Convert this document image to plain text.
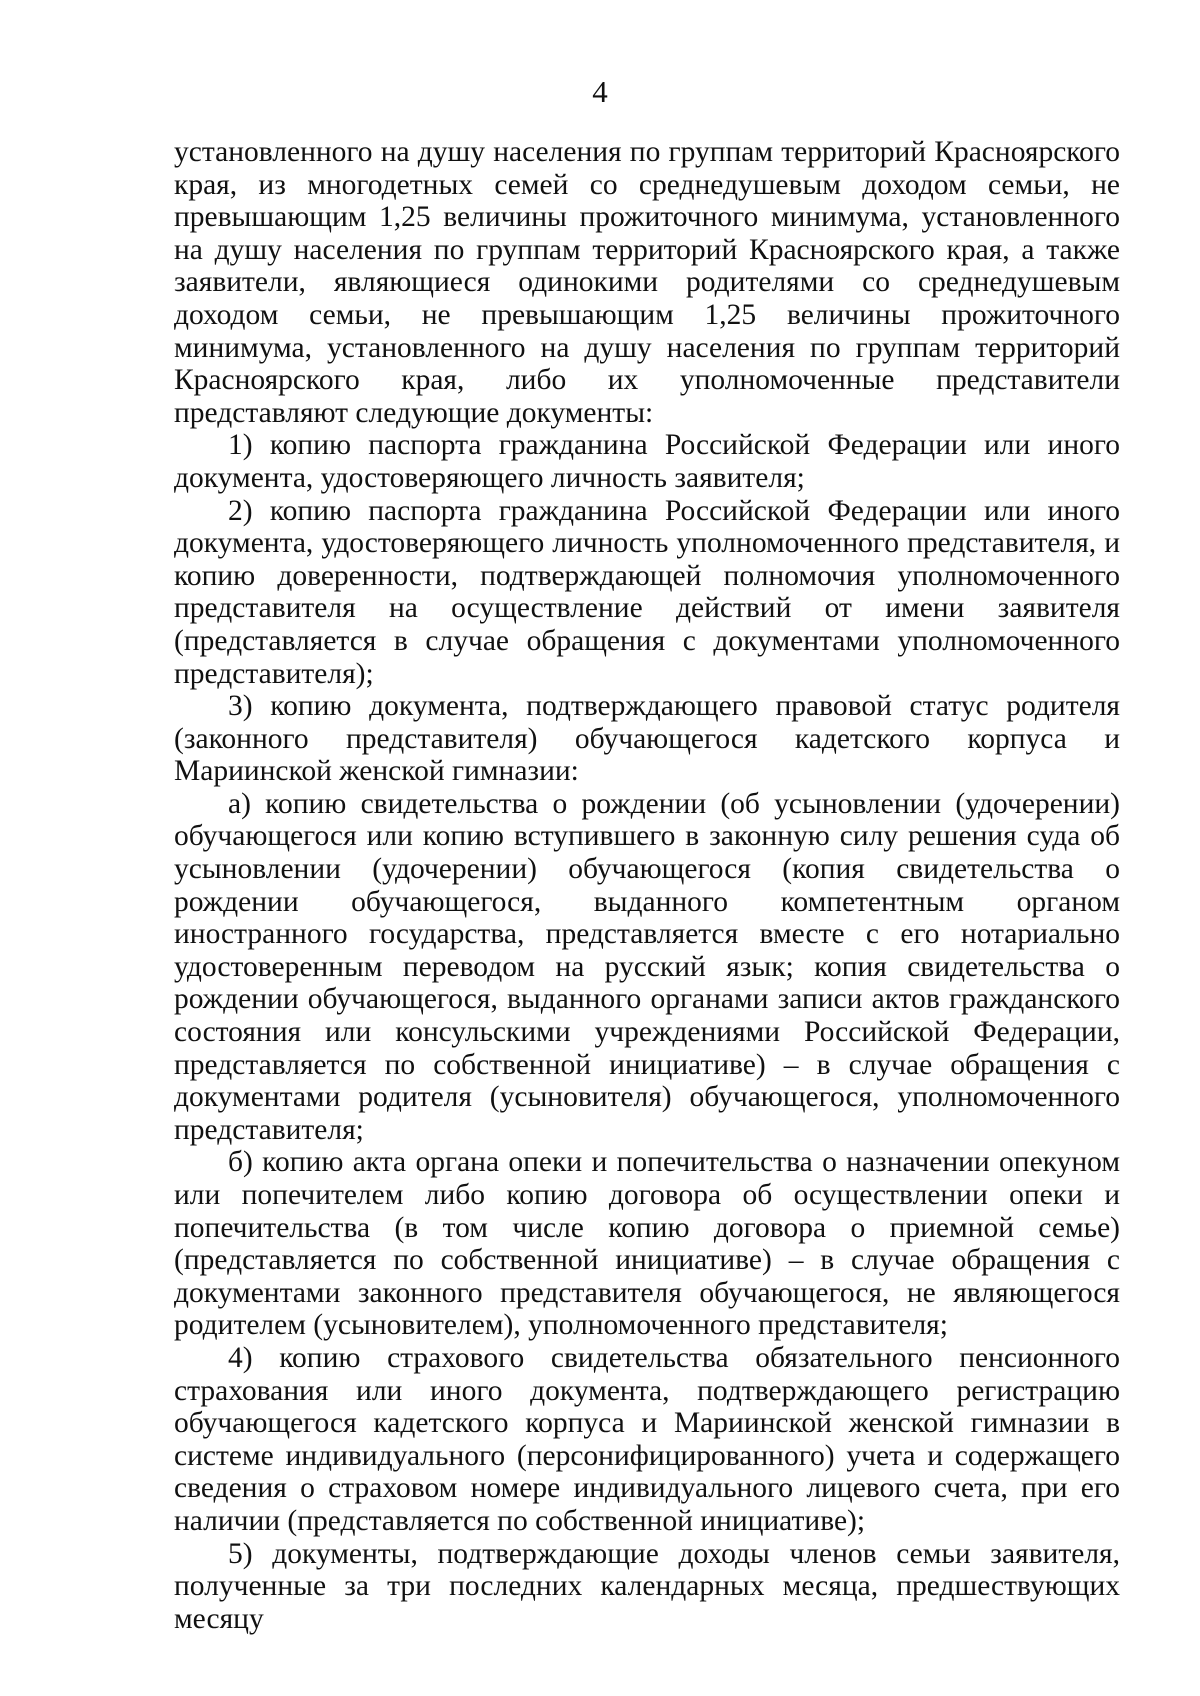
4

установленного на душу населения по группам территорий Красноярского края, из многодетных семей со среднедушевым доходом семьи, не превышающим 1,25 величины прожиточного минимума, установленного на душу населения по группам территорий Красноярского края, а также заявители, являющиеся одинокими родителями со среднедушевым доходом семьи, не превышающим 1,25 величины прожиточного минимума, установленного на душу населения по группам территорий Красноярского края, либо их уполномоченные представители представляют следующие документы:

1) копию паспорта гражданина Российской Федерации или иного документа, удостоверяющего личность заявителя;

2) копию паспорта гражданина Российской Федерации или иного документа, удостоверяющего личность уполномоченного представителя, и копию доверенности, подтверждающей полномочия уполномоченного представителя на осуществление действий от имени заявителя (представляется в случае обращения с документами уполномоченного представителя);

3) копию документа, подтверждающего правовой статус родителя (законного представителя) обучающегося кадетского корпуса и Мариинской женской гимназии:

а) копию свидетельства о рождении (об усыновлении (удочерении) обучающегося или копию вступившего в законную силу решения суда об усыновлении (удочерении) обучающегося (копия свидетельства о рождении обучающегося, выданного компетентным органом иностранного государства, представляется вместе с его нотариально удостоверенным переводом на русский язык; копия свидетельства о рождении обучающегося, выданного органами записи актов гражданского состояния или консульскими учреждениями Российской Федерации, представляется по собственной инициативе) – в случае обращения с документами родителя (усыновителя) обучающегося, уполномоченного представителя;

б) копию акта органа опеки и попечительства о назначении опекуном или попечителем либо копию договора об осуществлении опеки и попечительства (в том числе копию договора о приемной семье) (представляется по собственной инициативе) – в случае обращения с документами законного представителя обучающегося, не являющегося родителем (усыновителем), уполномоченного представителя;

4) копию страхового свидетельства обязательного пенсионного страхования или иного документа, подтверждающего регистрацию обучающегося кадетского корпуса и Мариинской женской гимназии в системе индивидуального (персонифицированного) учета и содержащего сведения о страховом номере индивидуального лицевого счета, при его наличии (представляется по собственной инициативе);

5) документы, подтверждающие доходы членов семьи заявителя, полученные за три последних календарных месяца, предшествующих месяцу
